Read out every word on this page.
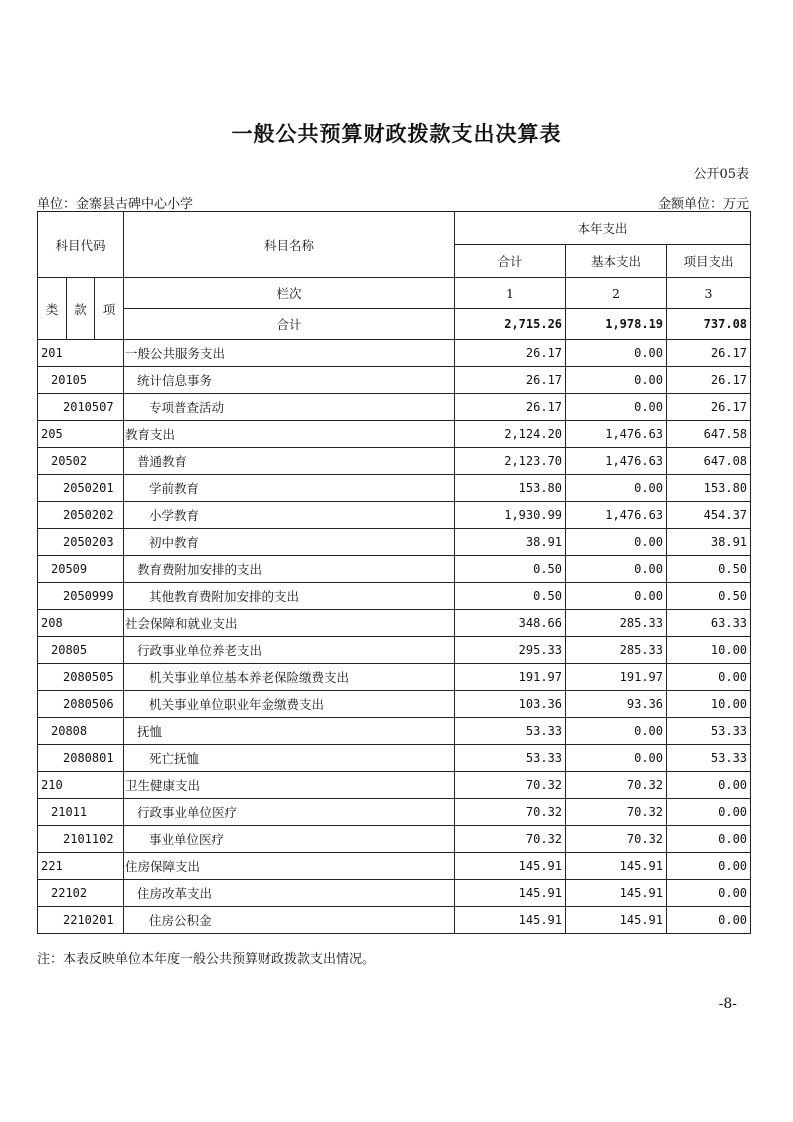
一般公共预算财政拨款支出决算表
公开05表
单位：金寨县古碑中心小学	金额单位：万元
科目代码			科目名称	本年支出		
				合计	基本支出	项目支出
类	款	项	栏次	1	2	3
			合计	2,715.26	1,978.19	737.08
201			一般公共服务支出	26.17	0.00	26.17
20105			统计信息事务	26.17	0.00	26.17
2010507			专项普查活动	26.17	0.00	26.17
205			教育支出	2,124.20	1,476.63	647.58
20502			普通教育	2,123.70	1,476.63	647.08
2050201			学前教育	153.80	0.00	153.80
2050202			小学教育	1,930.99	1,476.63	454.37
2050203			初中教育	38.91	0.00	38.91
20509			教育费附加安排的支出	0.50	0.00	0.50
2050999			其他教育费附加安排的支出	0.50	0.00	0.50
208			社会保障和就业支出	348.66	285.33	63.33
20805			行政事业单位养老支出	295.33	285.33	10.00
2080505			机关事业单位基本养老保险缴费支出	191.97	191.97	0.00
2080506			机关事业单位职业年金缴费支出	103.36	93.36	10.00
20808			抚恤	53.33	0.00	53.33
2080801			死亡抚恤	53.33	0.00	53.33
210			卫生健康支出	70.32	70.32	0.00
21011			行政事业单位医疗	70.32	70.32	0.00
2101102			事业单位医疗	70.32	70.32	0.00
221			住房保障支出	145.91	145.91	0.00
22102			住房改革支出	145.91	145.91	0.00
2210201			住房公积金	145.91	145.91	0.00
注：本表反映单位本年度一般公共预算财政拨款支出情况。
-8-
